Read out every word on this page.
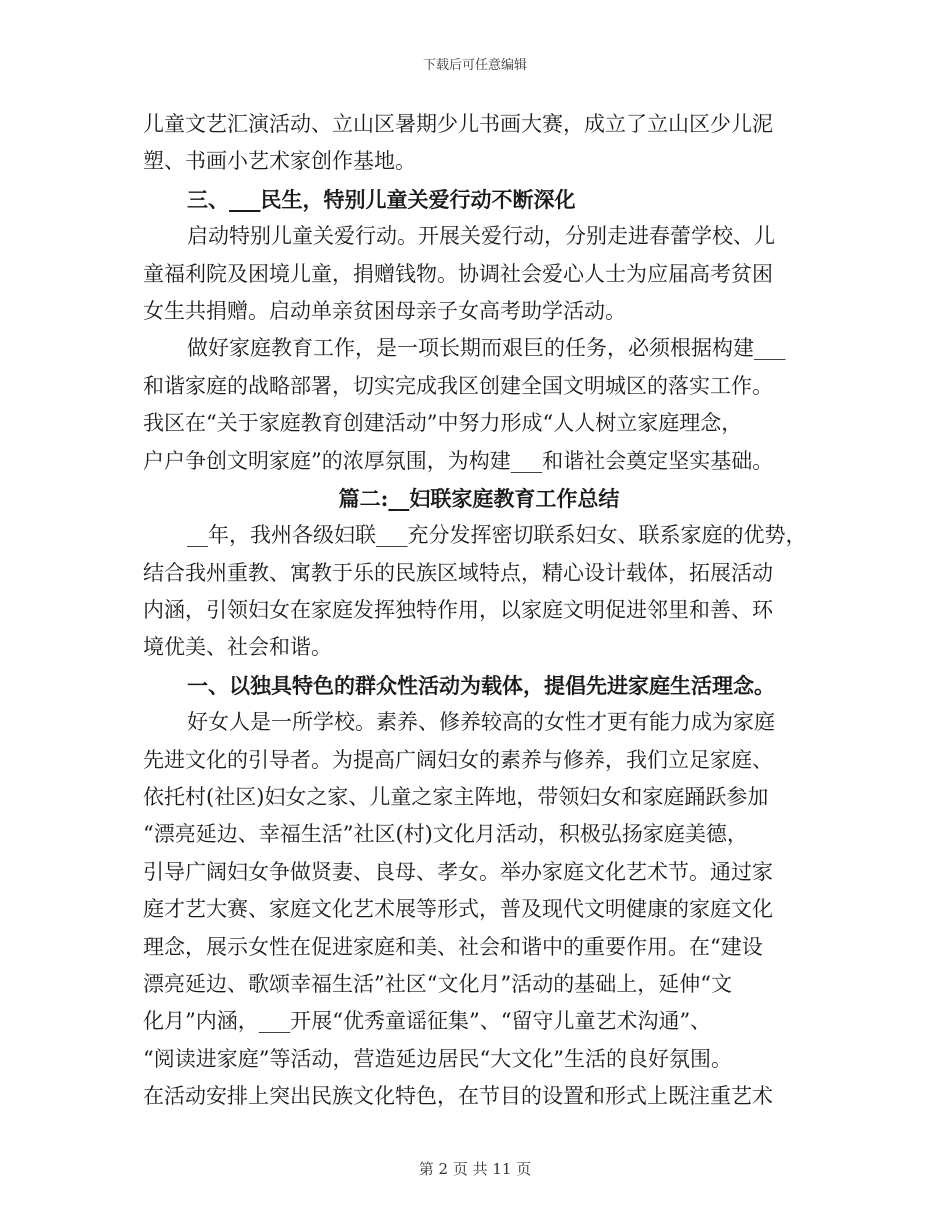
下载后可任意编辑
儿童文艺汇演活动、立山区暑期少儿书画大赛，成立了立山区少儿泥
塑、书画小艺术家创作基地。
三、___民生，特别儿童关爱行动不断深化
启动特别儿童关爱行动。开展关爱行动，分别走进春蕾学校、儿
童福利院及困境儿童，捐赠钱物。协调社会爱心人士为应届高考贫困
女生共捐赠。启动单亲贫困母亲子女高考助学活动。
做好家庭教育工作，是一项长期而艰巨的任务，必须根据构建___
和谐家庭的战略部署，切实完成我区创建全国文明城区的落实工作。
我区在“关于家庭教育创建活动”中努力形成“人人树立家庭理念，
户户争创文明家庭”的浓厚氛围，为构建___和谐社会奠定坚实基础。
篇二:__妇联家庭教育工作总结
__年，我州各级妇联___充分发挥密切联系妇女、联系家庭的优势，
结合我州重教、寓教于乐的民族区域特点，精心设计载体，拓展活动
内涵，引领妇女在家庭发挥独特作用，以家庭文明促进邻里和善、环
境优美、社会和谐。
一、以独具特色的群众性活动为载体，提倡先进家庭生活理念。
好女人是一所学校。素养、修养较高的女性才更有能力成为家庭
先进文化的引导者。为提高广阔妇女的素养与修养，我们立足家庭、
依托村(社区)妇女之家、儿童之家主阵地，带领妇女和家庭踊跃参加
“漂亮延边、幸福生活”社区(村)文化月活动，积极弘扬家庭美德，
引导广阔妇女争做贤妻、良母、孝女。举办家庭文化艺术节。通过家
庭才艺大赛、家庭文化艺术展等形式，普及现代文明健康的家庭文化
理念，展示女性在促进家庭和美、社会和谐中的重要作用。在“建设
漂亮延边、歌颂幸福生活”社区“文化月”活动的基础上，延伸“文
化月”内涵，___开展“优秀童谣征集”、“留守儿童艺术沟通”、
“阅读进家庭”等活动，营造延边居民“大文化”生活的良好氛围。
在活动安排上突出民族文化特色，在节目的设置和形式上既注重艺术
第 2 页 共 11 页
